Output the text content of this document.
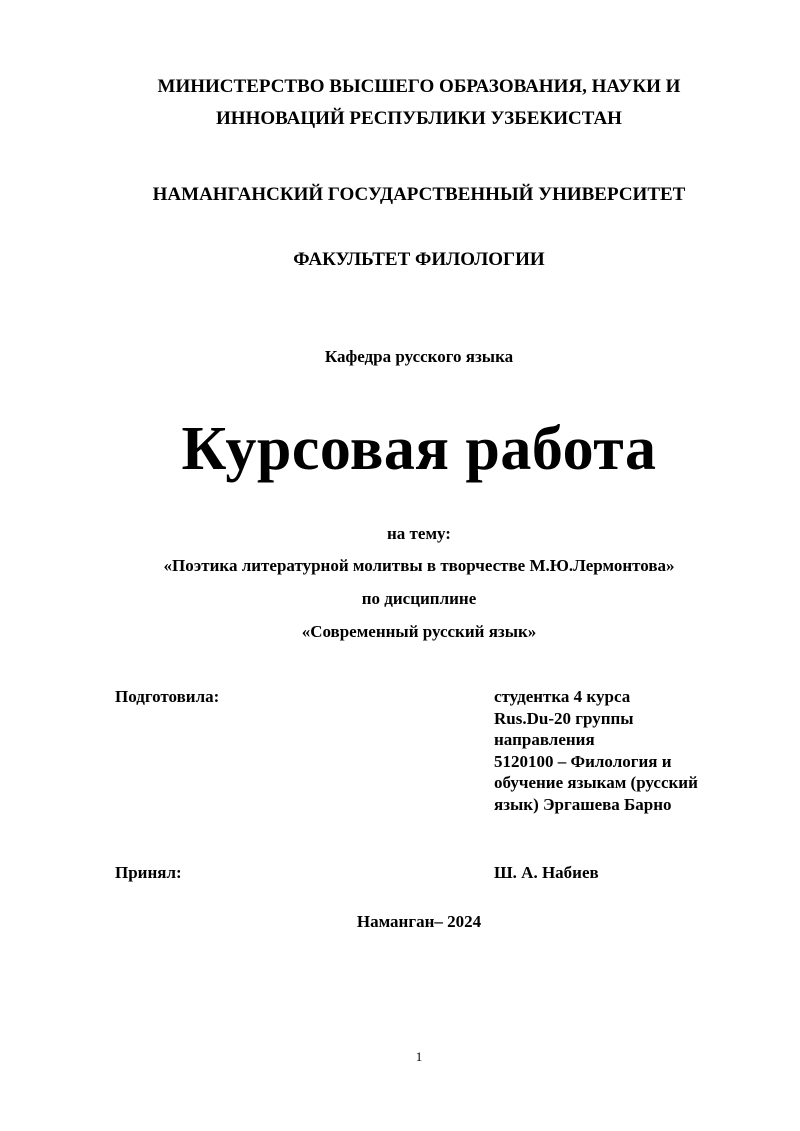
МИНИСТЕРСТВО ВЫСШЕГО ОБРАЗОВАНИЯ, НАУКИ И
ИННОВАЦИЙ РЕСПУБЛИКИ УЗБЕКИСТАН
НАМАНГАНСКИЙ ГОСУДАРСТВЕННЫЙ УНИВЕРСИТЕТ
ФАКУЛЬТЕТ ФИЛОЛОГИИ
Кафедра русского языка
Курсовая работа
на тему:
«Поэтика литературной молитвы в творчестве М.Ю.Лермонтова»
по дисциплине
«Современный русский язык»
Подготовила:	студентка 4 курса
Rus.Du-20 группы
направления
5120100 – Филология и
обучение языкам (русский
язык) Эргашева Барно
Принял:	Ш. А. Набиев
Наманган– 2024
1
